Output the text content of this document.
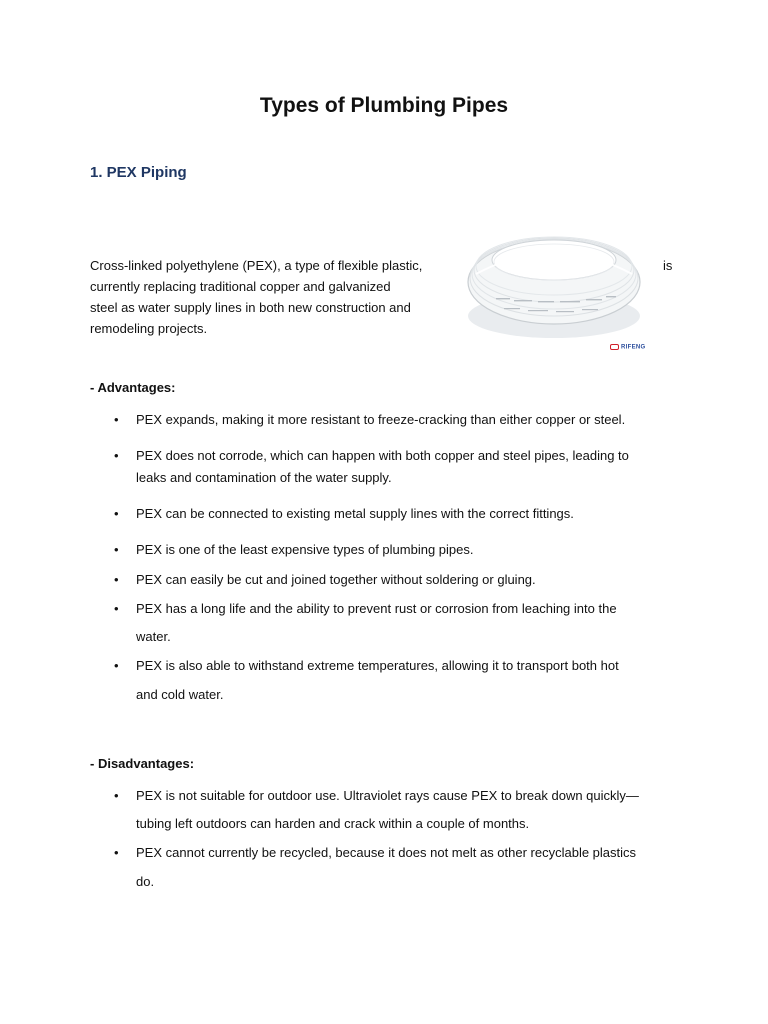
Types of Plumbing Pipes
1. PEX Piping
Cross-linked polyethylene (PEX), a type of flexible plastic,	is
currently replacing traditional copper and galvanized
steel as water supply lines in both new construction and
remodeling projects.
RIFENG
- Advantages:
• PEX expands, making it more resistant to freeze-cracking than either copper or steel.
• PEX does not corrode, which can happen with both copper and steel pipes, leading to
leaks and contamination of the water supply.
• PEX can be connected to existing metal supply lines with the correct fittings.
• PEX is one of the least expensive types of plumbing pipes.
• PEX can easily be cut and joined together without soldering or gluing.
• PEX has a long life and the ability to prevent rust or corrosion from leaching into the
water.
• PEX is also able to withstand extreme temperatures, allowing it to transport both hot
and cold water.
- Disadvantages:
• PEX is not suitable for outdoor use. Ultraviolet rays cause PEX to break down quickly—
tubing left outdoors can harden and crack within a couple of months.
• PEX cannot currently be recycled, because it does not melt as other recyclable plastics
do.
